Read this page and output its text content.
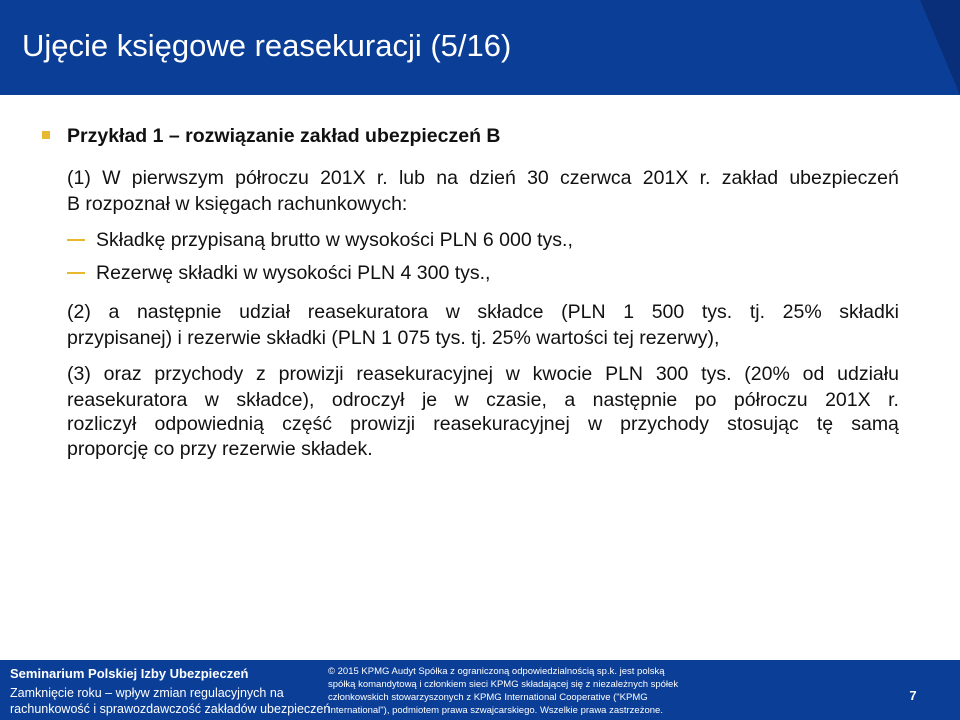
Ujęcie księgowe reasekuracji (5/16)

Przykład 1 – rozwiązanie zakład ubezpieczeń B

(1) W pierwszym półroczu 201X r. lub na dzień 30 czerwca 201X r. zakład ubezpieczeń

B rozpoznał w księgach rachunkowych:

Składkę przypisaną brutto w wysokości PLN 6 000 tys.,

Rezerwę składki w wysokości PLN 4 300 tys.,

(2) a następnie udział reasekuratora w składce (PLN 1 500 tys. tj. 25% składki

przypisanej) i rezerwie składki (PLN 1 075 tys. tj. 25% wartości tej rezerwy),

(3) oraz przychody z prowizji reasekuracyjnej w kwocie PLN 300 tys. (20% od udziału
reasekuratora w składce), odroczył je w czasie, a następnie po półroczu 201X r.
rozliczył odpowiednią część prowizji reasekuracyjnej w przychody stosując tę samą

proporcję co przy rezerwie składek.

Seminarium Polskiej Izby Ubezpieczeń
Zamknięcie roku – wpływ zmian regulacyjnych na
rachunkowość i sprawozdawczość zakładów ubezpieczeń
© 2015 KPMG Audyt Spółka z ograniczoną odpowiedzialnością sp.k. jest polską
spółką komandytową i członkiem sieci KPMG składającej się z niezależnych spółek
członkowskich stowarzyszonych z KPMG International Cooperative ("KPMG
International"), podmiotem prawa szwajcarskiego. Wszelkie prawa zastrzeżone.
7
